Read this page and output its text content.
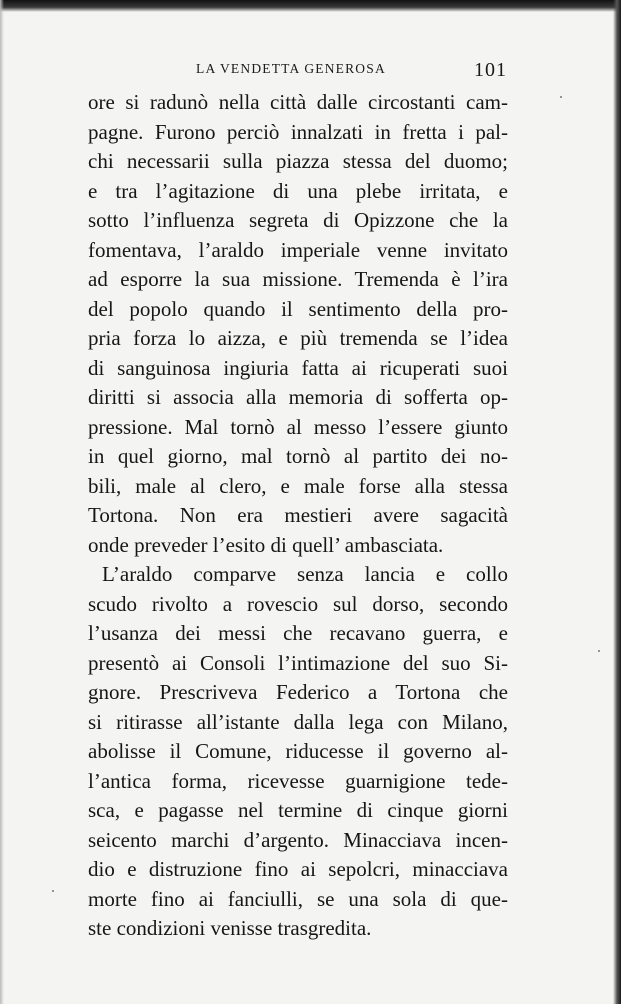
LA VENDETTA GENEROSA	101
ore si radunò nella città dalle circostanti cam-
pagne. Furono perciò innalzati in fretta i pal-
chi necessarii sulla piazza stessa del duomo;
e tra l’agitazione di una plebe irritata, e
sotto l’influenza segreta di Opizzone che la
fomentava, l’araldo imperiale venne invitato
ad esporre la sua missione. Tremenda è l’ira
del popolo quando il sentimento della pro-
pria forza lo aizza, e più tremenda se l’idea
di sanguinosa ingiuria fatta ai ricuperati suoi
diritti si associa alla memoria di sofferta op-
pressione. Mal tornò al messo l’essere giunto
in quel giorno, mal tornò al partito dei no-
bili, male al clero, e male forse alla stessa
Tortona. Non era mestieri avere sagacità
onde preveder l’esito di quell’ ambasciata.
L’araldo comparve senza lancia e collo
scudo rivolto a rovescio sul dorso, secondo
l’usanza dei messi che recavano guerra, e
presentò ai Consoli l’intimazione del suo Si-
gnore. Prescriveva Federico a Tortona che
si ritirasse all’istante dalla lega con Milano,
abolisse il Comune, riducesse il governo al-
l’antica forma, ricevesse guarnigione tede-
sca, e pagasse nel termine di cinque giorni
seicento marchi d’argento. Minacciava incen-
dio e distruzione fino ai sepolcri, minacciava
morte fino ai fanciulli, se una sola di que-
ste condizioni venisse trasgredita.
